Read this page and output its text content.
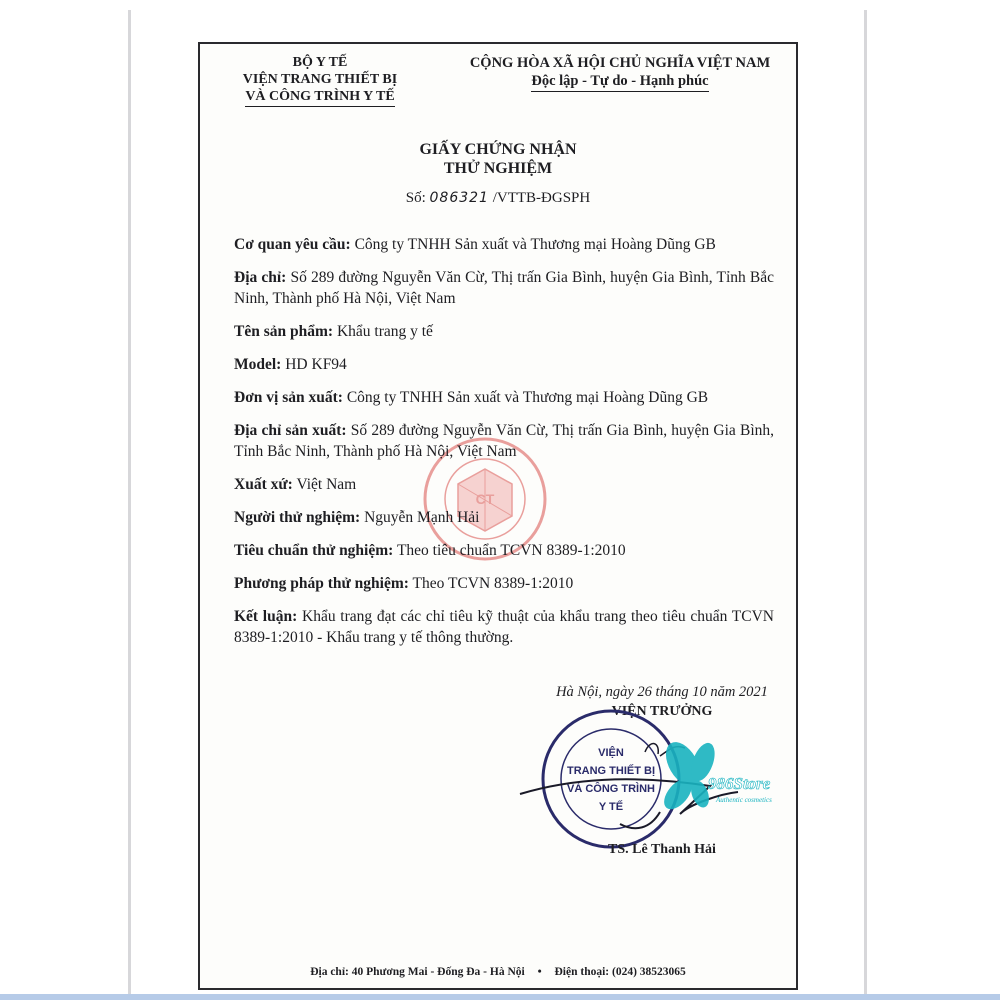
BỘ Y TẾ
VIỆN TRANG THIẾT BỊ
VÀ CÔNG TRÌNH Y TẾ
CỘNG HÒA XÃ HỘI CHỦ NGHĨA VIỆT NAM
Độc lập - Tự do - Hạnh phúc
GIẤY CHỨNG NHẬN
THỬ NGHIỆM
Số: 086321 /VTTB-ĐGSPH
CT
Cơ quan yêu cầu: Công ty TNHH Sản xuất và Thương mại Hoàng Dũng GB
Địa chỉ: Số 289 đường Nguyễn Văn Cừ, Thị trấn Gia Bình, huyện Gia Bình, Tỉnh Bắc Ninh, Thành phố Hà Nội, Việt Nam
Tên sản phẩm: Khẩu trang y tế
Model: HD KF94
Đơn vị sản xuất: Công ty TNHH Sản xuất và Thương mại Hoàng Dũng GB
Địa chỉ sản xuất: Số 289 đường Nguyễn Văn Cừ, Thị trấn Gia Bình, huyện Gia Bình, Tỉnh Bắc Ninh, Thành phố Hà Nội, Việt Nam
Xuất xứ: Việt Nam
Người thử nghiệm: Nguyễn Mạnh Hải
Tiêu chuẩn thử nghiệm: Theo tiêu chuẩn TCVN 8389-1:2010
Phương pháp thử nghiệm: Theo TCVN 8389-1:2010
Kết luận: Khẩu trang đạt các chỉ tiêu kỹ thuật của khẩu trang theo tiêu chuẩn TCVN 8389-1:2010 - Khẩu trang y tế thông thường.
Hà Nội, ngày 26 tháng 10 năm 2021
VIỆN TRƯỞNG
VIỆN
TRANG THIẾT BỊ
VÀ CÔNG TRÌNH
Y TẾ
986Store
Authentic cosmetics
TS. Lê Thanh Hải
Địa chỉ: 40 Phương Mai - Đống Đa - Hà Nội • Điện thoại: (024) 38523065
